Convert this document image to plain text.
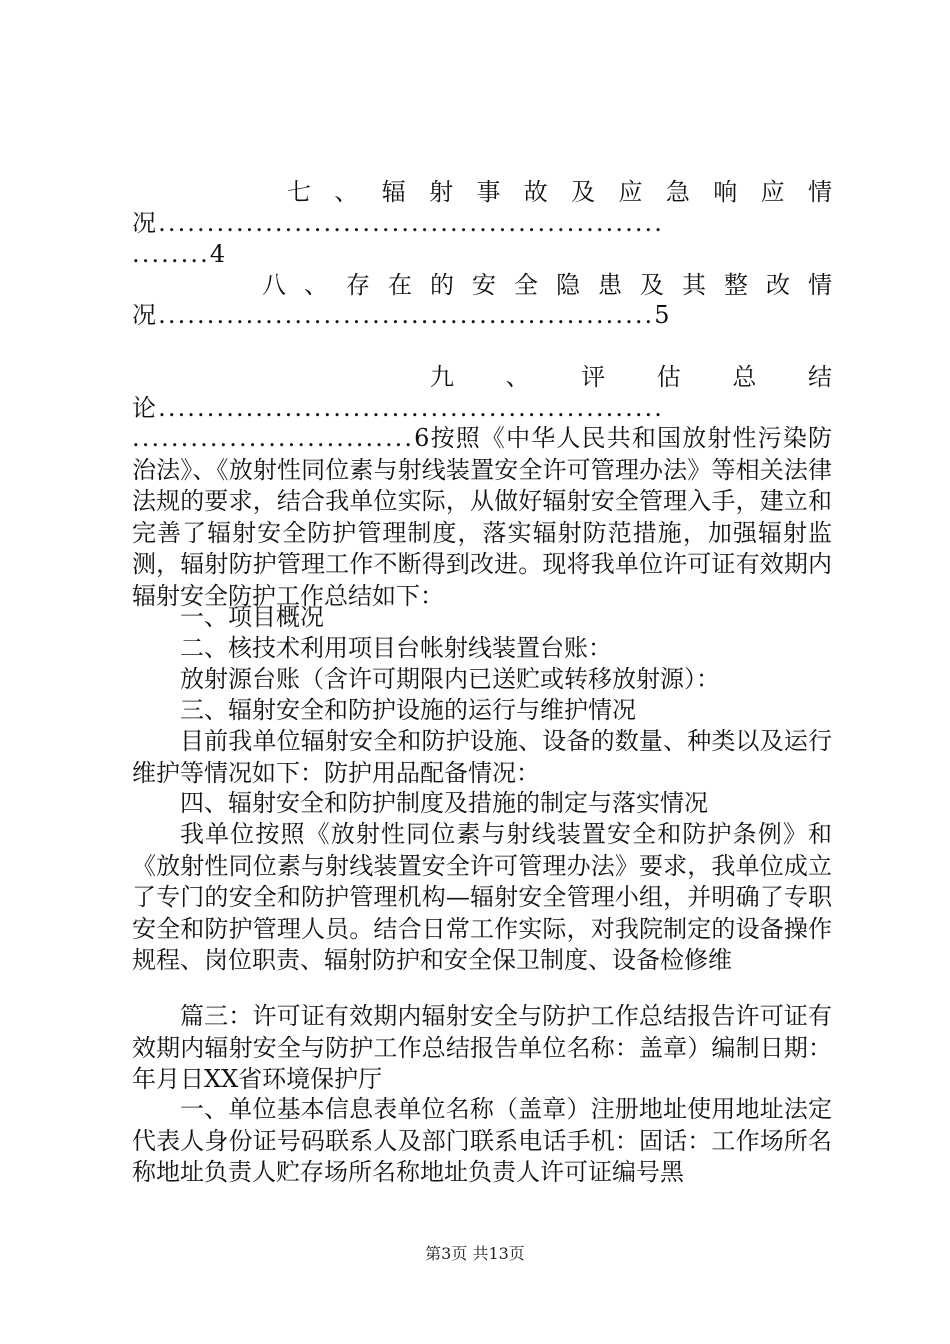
七 、 辐 射 事 故 及 应 急 响 应 情
况....................................................
........4
八 、 存 在 的 安 全 隐 患 及 其 整 改 情
况...................................................5
九 、 评 估 总 结
论....................................................
.............................6按照《中华人民共和国放射性污染防治法》、《放射性同位素与射线装置安全许可管理办法》等相关法律法规的要求，结合我单位实际，从做好辐射安全管理入手，建立和完善了辐射安全防护管理制度，落实辐射防范措施，加强辐射监测，辐射防护管理工作不断得到改进。现将我单位许可证有效期内辐射安全防护工作总结如下：
一、项目概况
二、核技术利用项目台帐射线装置台账：
放射源台账（含许可期限内已送贮或转移放射源）：
三、辐射安全和防护设施的运行与维护情况
目前我单位辐射安全和防护设施、设备的数量、种类以及运行维护等情况如下：防护用品配备情况：
四、辐射安全和防护制度及措施的制定与落实情况
我单位按照《放射性同位素与射线装置安全和防护条例》和《放射性同位素与射线装置安全许可管理办法》要求，我单位成立了专门的安全和防护管理机构—辐射安全管理小组，并明确了专职安全和防护管理人员。结合日常工作实际，对我院制定的设备操作规程、岗位职责、辐射防护和安全保卫制度、设备检修维
篇三：许可证有效期内辐射安全与防护工作总结报告许可证有效期内辐射安全与防护工作总结报告单位名称：盖章）编制日期：年月日XX省环境保护厅
一、单位基本信息表单位名称（盖章）注册地址使用地址法定代表人身份证号码联系人及部门联系电话手机：固话：工作场所名称地址负责人贮存场所名称地址负责人许可证编号黑
第3页 共13页
